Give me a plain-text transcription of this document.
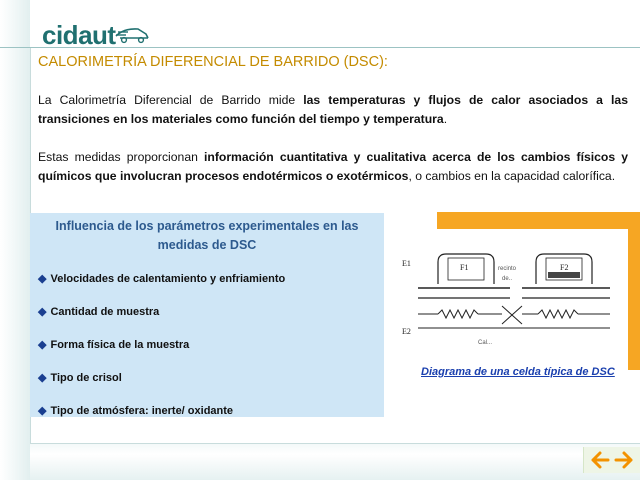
cidaut
CALORIMETRÍA DIFERENCIAL DE BARRIDO (DSC):
La Calorimetría Diferencial de Barrido mide las temperaturas y flujos de calor asociados a las transiciones en los materiales como función del tiempo y temperatura.
Estas medidas proporcionan información cuantitativa y cualitativa acerca de los cambios físicos y químicos que involucran procesos endotérmicos o exotérmicos, o cambios en la capacidad calorífica.
Influencia de los parámetros experimentales en las medidas de DSC
◆ Velocidades de calentamiento y enfriamiento
◆ Cantidad de muestra
◆ Forma física de la muestra
◆ Tipo de crisol
◆ Tipo de atmósfera: inerte/ oxidante
E1
E2
F1	F2
recinto
de..
Cal...
Diagrama de una celda típica de DSC
